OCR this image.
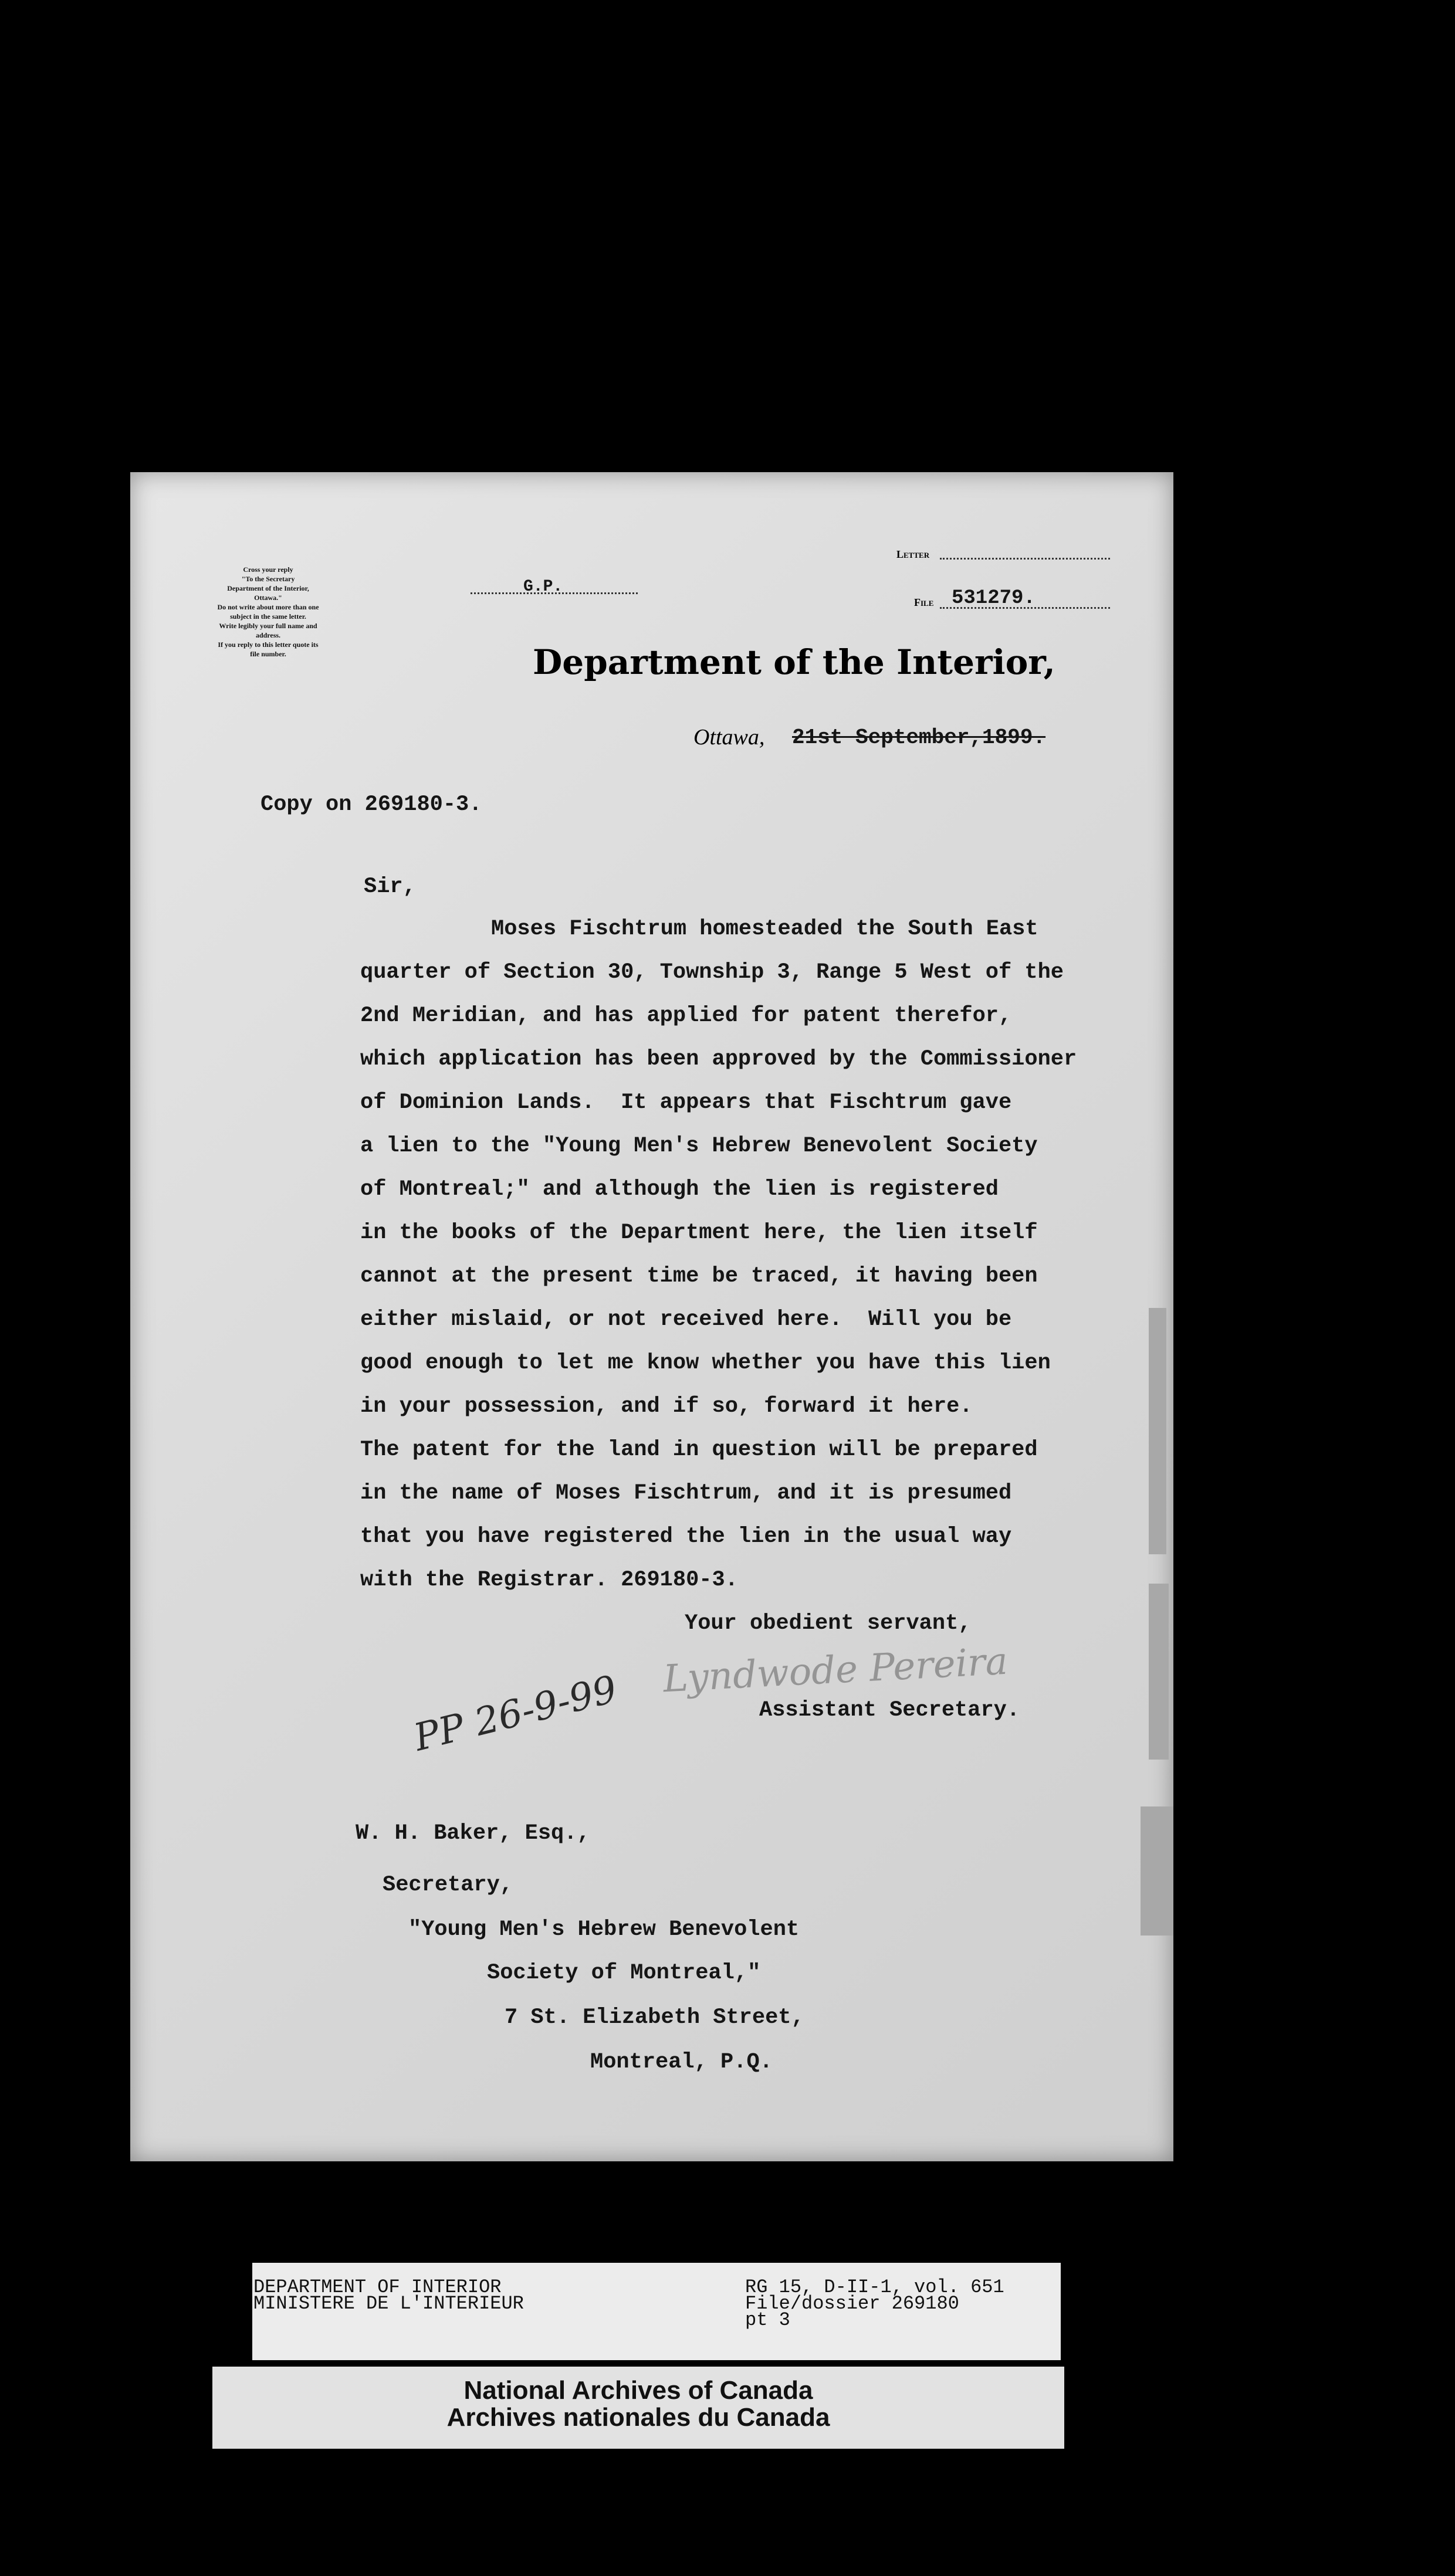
Cross your reply
"To the Secretary
Department of the Interior,
Ottawa."
Do not write about more than one
subject in the same letter.
Write legibly your full name and
address.
If you reply to this letter quote its
file number.
G.P.
Letter
File 531279.
Department of the Interior,
Ottawa, 21st September,1899.
Copy on 269180-3.
Sir,
Moses Fischtrum homesteaded the South East
quarter of Section 30, Township 3, Range 5 West of the
2nd Meridian, and has applied for patent therefor,
which application has been approved by the Commissioner
of Dominion Lands.  It appears that Fischtrum gave
a lien to the "Young Men's Hebrew Benevolent Society
of Montreal;" and although the lien is registered
in the books of the Department here, the lien itself
cannot at the present time be traced, it having been
either mislaid, or not received here.  Will you be
good enough to let me know whether you have this lien
in your possession, and if so, forward it here.
The patent for the land in question will be prepared
in the name of Moses Fischtrum, and it is presumed
that you have registered the lien in the usual way
with the Registrar. 269180-3.
Your obedient servant,
PP 26-9-99 Lyndwode Pereira
Assistant Secretary.
W. H. Baker, Esq.,
Secretary,
"Young Men's Hebrew Benevolent
Society of Montreal,"
7 St. Elizabeth Street,
Montreal, P.Q.
DEPARTMENT OF INTERIOR
MINISTERE DE L'INTERIEUR
RG 15, D-II-1, vol. 651
File/dossier 269180
pt 3
National Archives of Canada
Archives nationales du Canada
